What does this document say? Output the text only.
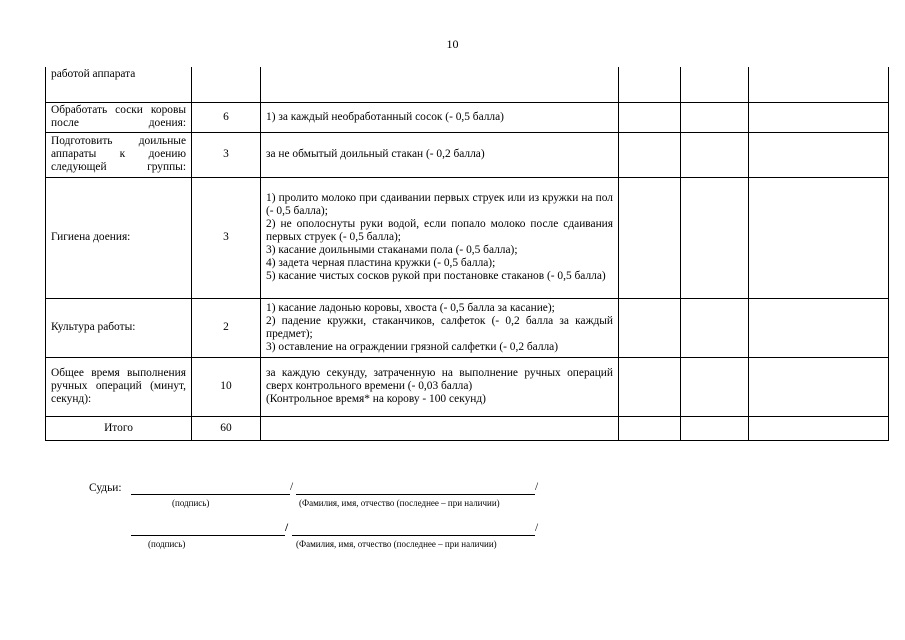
10
работой аппарата					
Обработать соски коровы после доения:	6	1) за каждый необработанный сосок (- 0,5 балла)			

Подготовить доильные аппараты к доению следующей группы:	3	за не обмытый доильный стакан (- 0,2 балла)			

Гигиена доения:	3	1) пролито молоко при сдаивании первых струек или из кружки на пол (- 0,5 балла);
2) не ополоснуты руки водой, если попало молоко после сдаивания первых струек (- 0,5 балла);
3) касание доильными стаканами пола (- 0,5 балла);
4) задета черная пластина кружки (- 0,5 балла);
5) касание чистых сосков рукой при постановке стаканов (- 0,5 балла)			

Культура работы:	2	1) касание ладонью коровы, хвоста (- 0,5 балла за касание);
2) падение кружки, стаканчиков, салфеток (- 0,2 балла за каждый предмет);
3) оставление на ограждении грязной салфетки (- 0,2 балла)			

Общее время выполнения ручных операций (минут, секунд):	10	за каждую секунду, затраченную на выполнение ручных операций сверх контрольного времени (- 0,03 балла)
(Контрольное время* на корову - 100 секунд)			

Итого	60				
Судьи:	/	/
(подпись)	(Фамилия, имя, отчество (последнее – при наличии)
/	/
(подпись)	(Фамилия, имя, отчество (последнее – при наличии)
